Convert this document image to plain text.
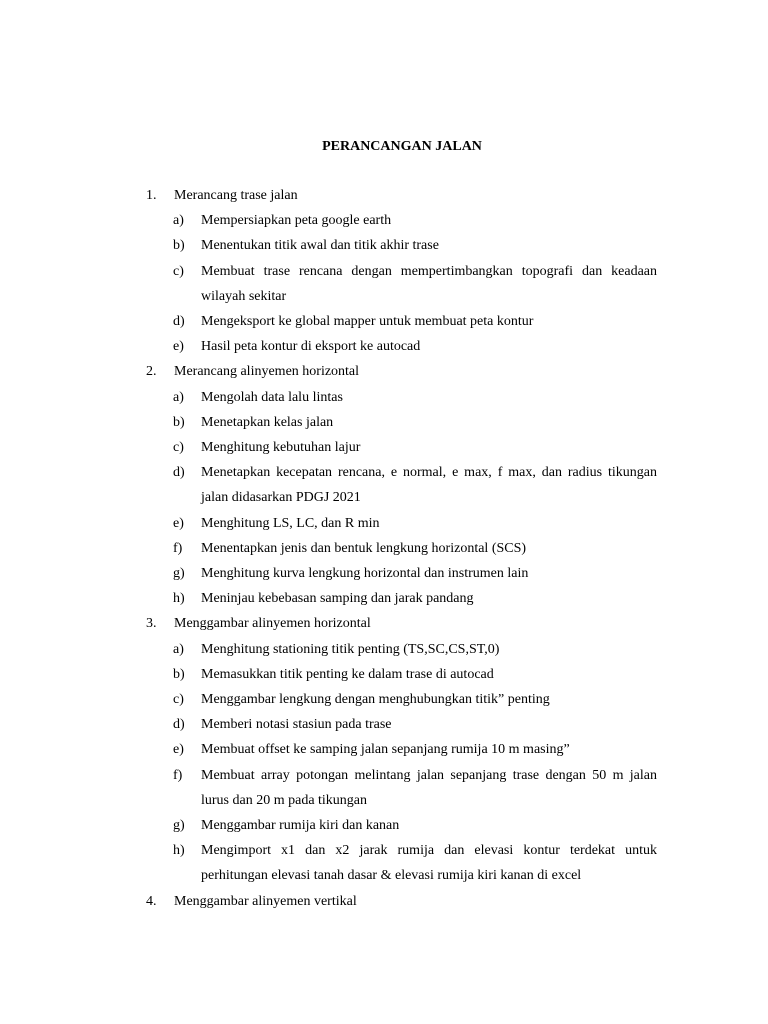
PERANCANGAN JALAN
1. Merancang trase jalan
a) Mempersiapkan peta google earth
b) Menentukan titik awal dan titik akhir trase
c) Membuat trase rencana dengan mempertimbangkan topografi dan keadaan wilayah sekitar
d) Mengeksport ke global mapper untuk membuat peta kontur
e) Hasil peta kontur di eksport ke autocad
2. Merancang alinyemen horizontal
a) Mengolah data lalu lintas
b) Menetapkan kelas jalan
c) Menghitung kebutuhan lajur
d) Menetapkan kecepatan rencana, e normal, e max, f max, dan radius tikungan jalan didasarkan PDGJ 2021
e) Menghitung LS, LC, dan R min
f) Menentapkan jenis dan bentuk lengkung horizontal (SCS)
g) Menghitung kurva lengkung horizontal dan instrumen lain
h) Meninjau kebebasan samping dan jarak pandang
3. Menggambar alinyemen horizontal
a) Menghitung stationing titik penting (TS,SC,CS,ST,0)
b) Memasukkan titik penting ke dalam trase di autocad
c) Menggambar lengkung dengan menghubungkan titik” penting
d) Memberi notasi stasiun pada trase
e) Membuat offset ke samping jalan sepanjang rumija 10 m masing”
f) Membuat array potongan melintang jalan sepanjang trase dengan 50 m jalan lurus dan 20 m pada tikungan
g) Menggambar rumija kiri dan kanan
h) Mengimport x1 dan x2 jarak rumija dan elevasi kontur terdekat untuk perhitungan elevasi tanah dasar & elevasi rumija kiri kanan di excel
4. Menggambar alinyemen vertikal
